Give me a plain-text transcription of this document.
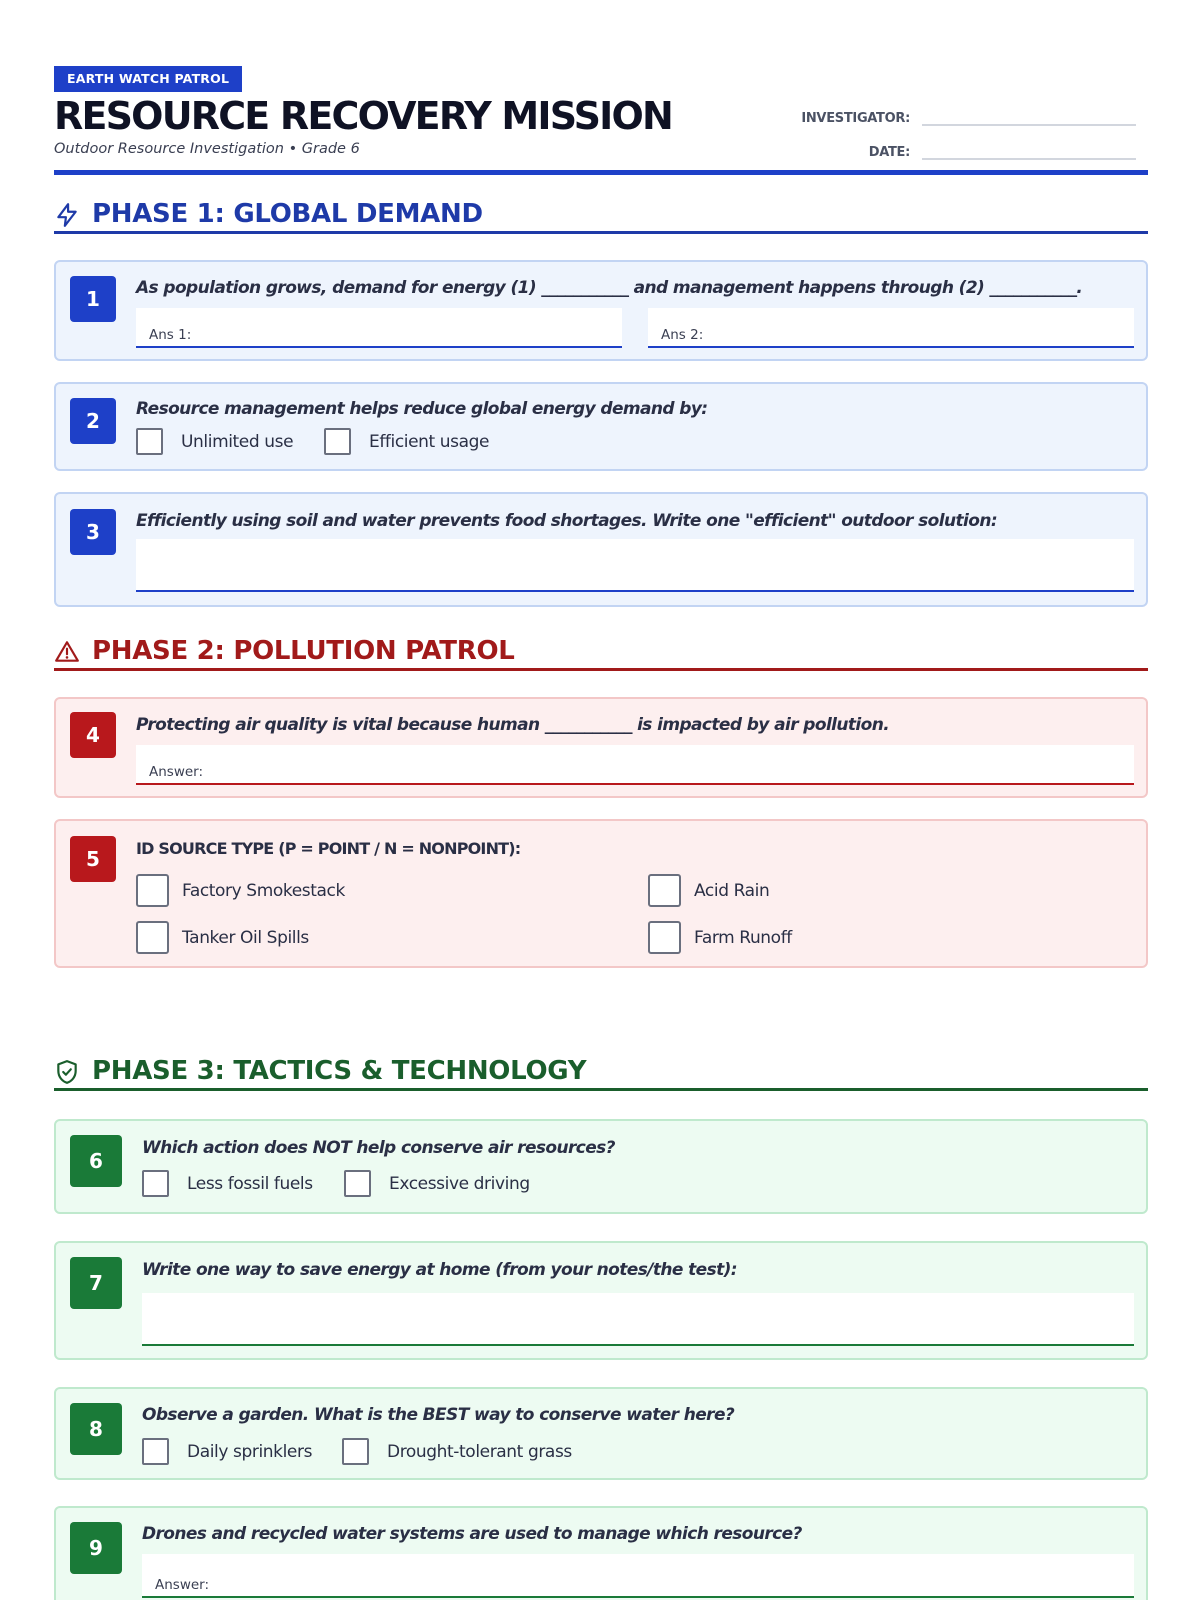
EARTH WATCH PATROL
RESOURCE RECOVERY MISSION
Outdoor Resource Investigation • Grade 6
INVESTIGATOR:
DATE:
PHASE 1: GLOBAL DEMAND
1	As population grows, demand for energy (1) ___________ and management happens through (2) ___________.
Ans 1:	Ans 2:
2	Resource management helps reduce global energy demand by:
Unlimited use	Efficient usage
3	Efficiently using soil and water prevents food shortages. Write one "efficient" outdoor solution:
PHASE 2: POLLUTION PATROL
4	Protecting air quality is vital because human ___________ is impacted by air pollution.
Answer:
5	ID SOURCE TYPE (P = POINT / N = NONPOINT):
Factory Smokestack	Acid Rain
Tanker Oil Spills	Farm Runoff
PHASE 3: TACTICS & TECHNOLOGY
6
Which action does NOT help conserve air resources?
Less fossil fuels	Excessive driving
7
Write one way to save energy at home (from your notes/the test):
8
Observe a garden. What is the BEST way to conserve water here?
Daily sprinklers	Drought-tolerant grass
9
Drones and recycled water systems are used to manage which resource?
Answer:
